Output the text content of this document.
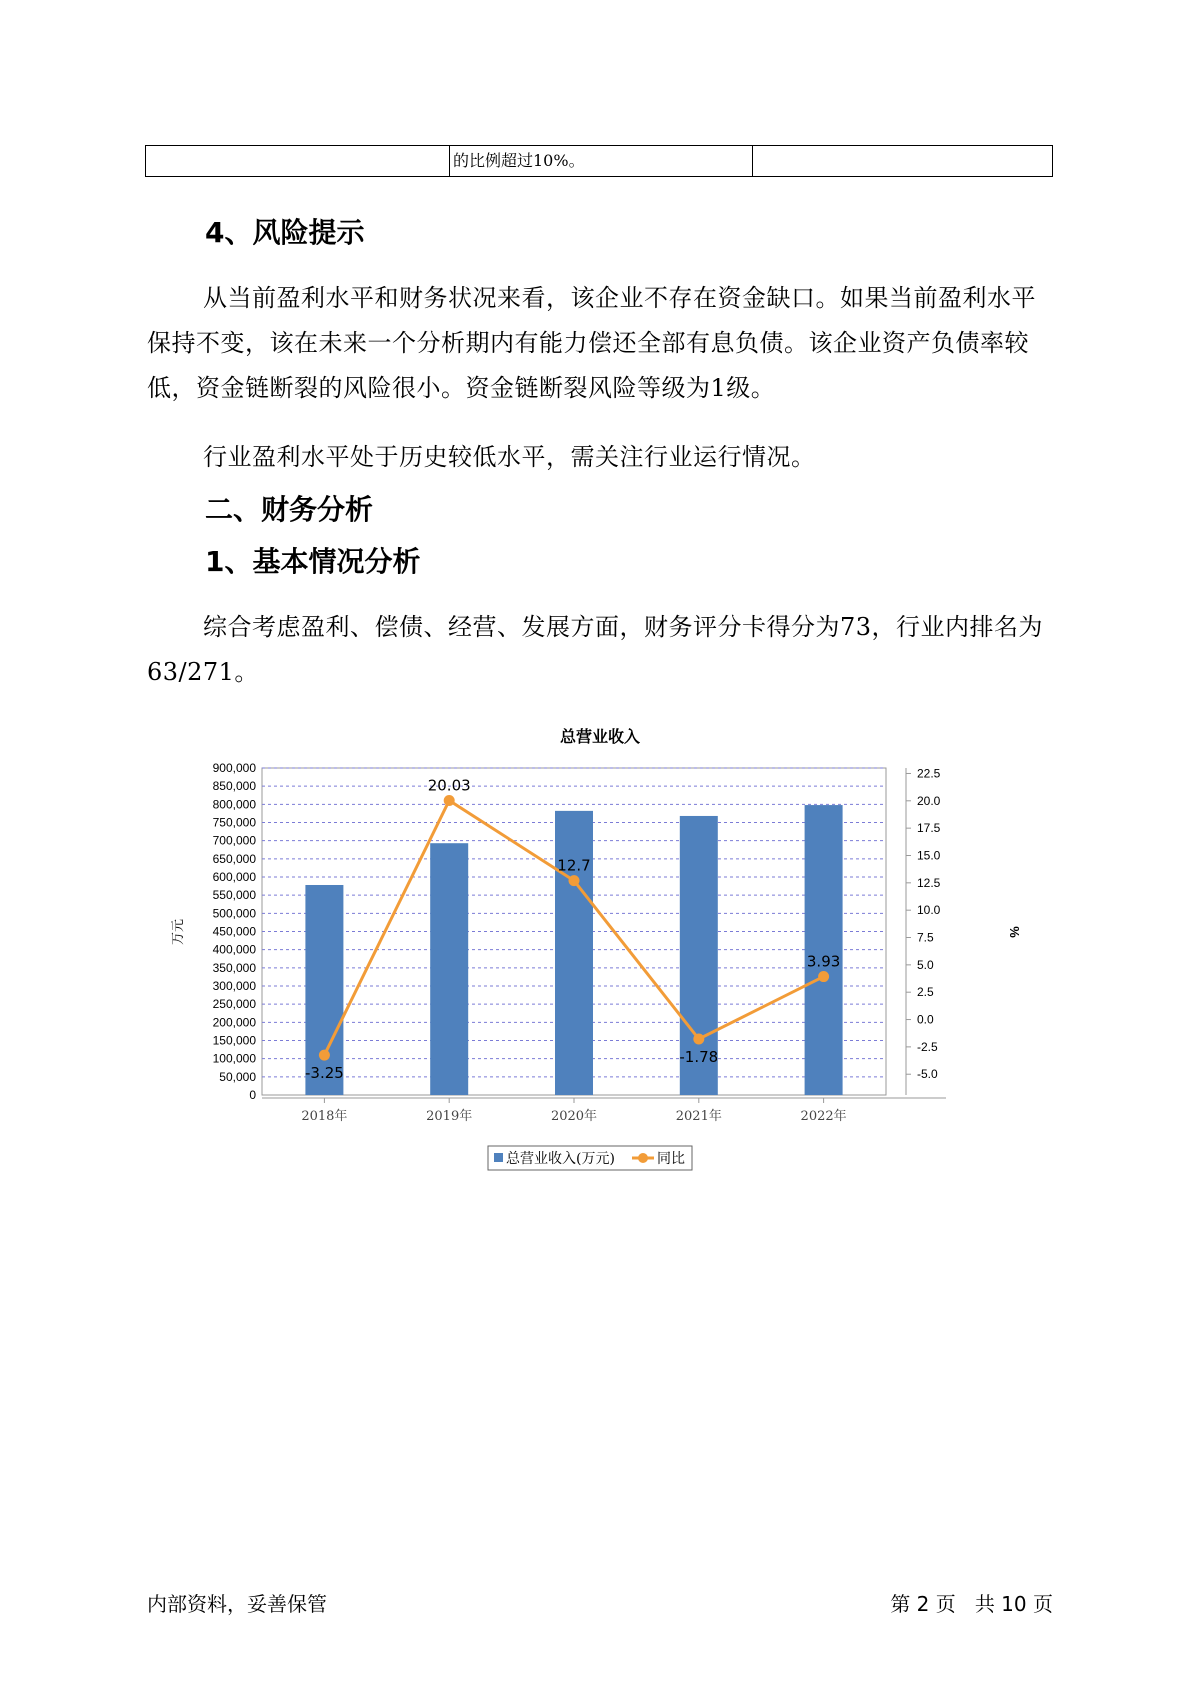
的比例超过10%。
4、风险提示
从当前盈利水平和财务状况来看，该企业不存在资金缺口。如果当前盈利水平保持不变，该在未来一个分析期内有能力偿还全部有息负债。该企业资产负债率较低，资金链断裂的风险很小。资金链断裂风险等级为1级。
行业盈利水平处于历史较低水平，需关注行业运行情况。
二、财务分析
1、基本情况分析
综合考虑盈利、偿债、经营、发展方面，财务评分卡得分为73，行业内排名为63/271。
总营业收入
0
50,000
100,000
150,000
200,000
250,000
300,000
350,000
400,000
450,000
500,000
550,000
600,000
650,000
700,000
750,000
800,000
850,000
900,000
-5.0
-2.5
0.0
2.5
5.0
7.5
10.0
12.5
15.0
17.5
20.0
22.5
2018年	2019年	2020年	2021年	2022年
-3.25
20.03
12.7
-1.78
3.93
万元	%
总营业收入(万元)	同比
内部资料，妥善保管	第 2 页   共 10 页
